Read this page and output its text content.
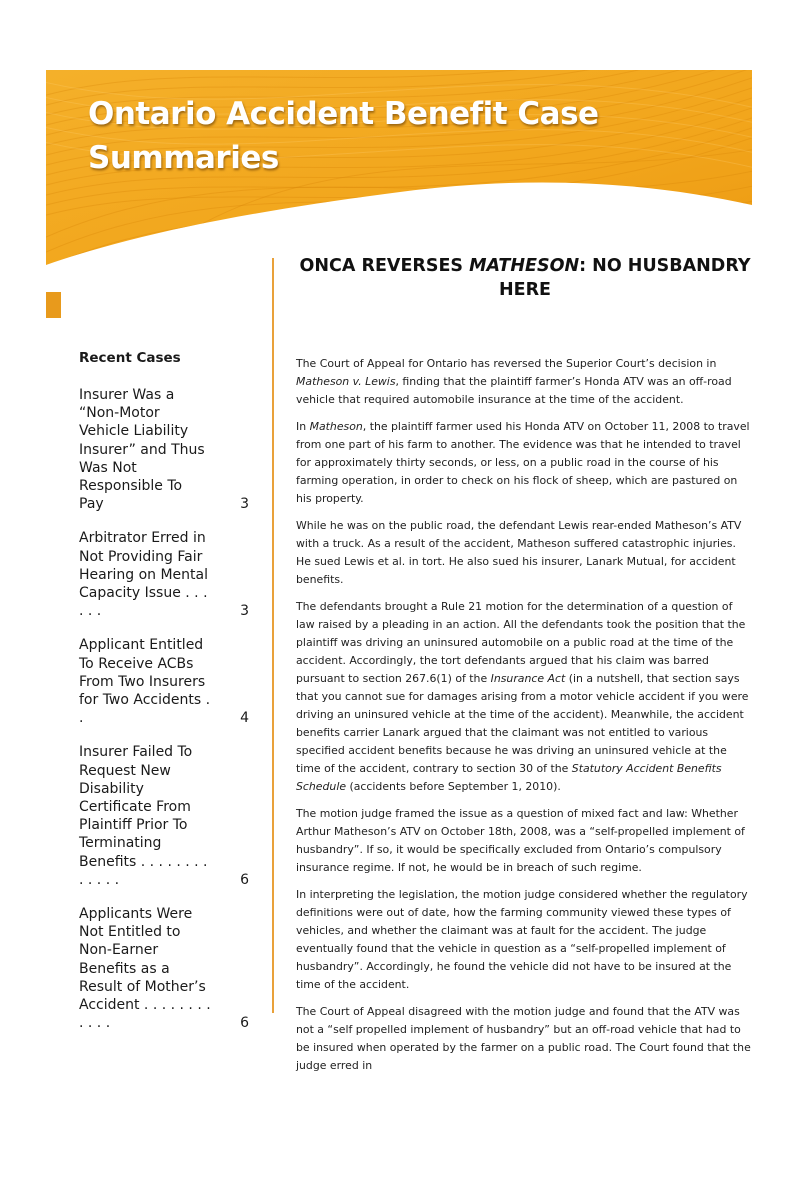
Ontario Accident Benefit Case
Summaries
Recent Cases
Insurer Was a “Non-Motor Vehicle Liability Insurer” and Thus Was Not Responsible To Pay	3
Arbitrator Erred in Not Providing Fair Hearing on Mental Capacity Issue . . . . . .	3
Applicant Entitled To Receive ACBs From Two Insurers for Two Accidents . .	4
Insurer Failed To Request New Disability Certificate From Plaintiff Prior To Terminating Benefits . . . . . . . . . . . . .	6
Applicants Were Not Entitled to Non-Earner Benefits as a Result of Mother’s Accident . . . . . . . . . . . .	6
ONCA REVERSES MATHESON: NO HUSBANDRY HERE

The Court of Appeal for Ontario has reversed the Superior Court’s decision in Matheson v. Lewis, finding that the plaintiff farmer’s Honda ATV was an off-road vehicle that required automobile insurance at the time of the accident.

In Matheson, the plaintiff farmer used his Honda ATV on October 11, 2008 to travel from one part of his farm to another. The evidence was that he intended to travel for approximately thirty seconds, or less, on a public road in the course of his farming operation, in order to check on his flock of sheep, which are pastured on his property.

While he was on the public road, the defendant Lewis rear-ended Matheson’s ATV with a truck. As a result of the accident, Matheson suffered catastrophic injuries. He sued Lewis et al. in tort. He also sued his insurer, Lanark Mutual, for accident benefits.

The defendants brought a Rule 21 motion for the determination of a question of law raised by a pleading in an action. All the defendants took the position that the plaintiff was driving an uninsured automobile on a public road at the time of the accident. Accordingly, the tort defendants argued that his claim was barred pursuant to section 267.6(1) of the Insurance Act (in a nutshell, that section says that you cannot sue for damages arising from a motor vehicle accident if you were driving an uninsured vehicle at the time of the accident). Meanwhile, the accident benefits carrier Lanark argued that the claimant was not entitled to various specified accident benefits because he was driving an uninsured vehicle at the time of the accident, contrary to section 30 of the Statutory Accident Benefits Schedule (accidents before September 1, 2010).

The motion judge framed the issue as a question of mixed fact and law: Whether Arthur Matheson’s ATV on October 18th, 2008, was a “self-propelled implement of husbandry”. If so, it would be specifically excluded from Ontario’s compulsory insurance regime. If not, he would be in breach of such regime.

In interpreting the legislation, the motion judge considered whether the regulatory definitions were out of date, how the farming community viewed these types of vehicles, and whether the claimant was at fault for the accident. The judge eventually found that the vehicle in question as a “self-propelled implement of husbandry”. Accordingly, he found the vehicle did not have to be insured at the time of the accident.

The Court of Appeal disagreed with the motion judge and found that the ATV was not a “self propelled implement of husbandry” but an off-road vehicle that had to be insured when operated by the farmer on a public road. The Court found that the judge erred in
